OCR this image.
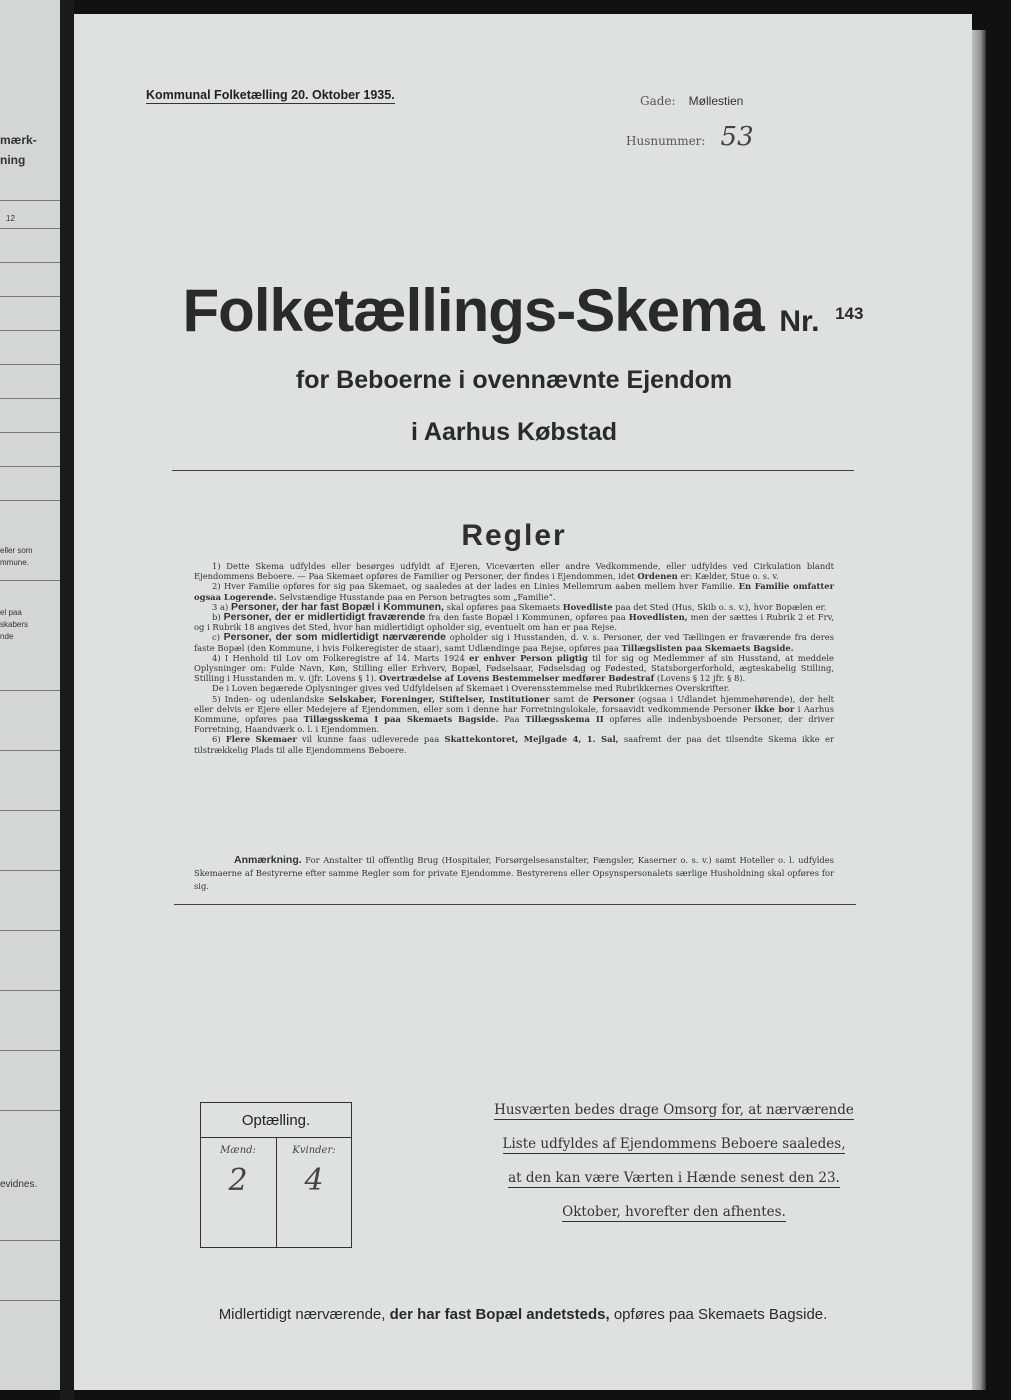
mærk-
ning
12
eller som
mmune.
el paa
skabers
nde
evidnes.
Kommunal Folketælling 20. Oktober 1935.	Gade: Møllestien
Husnummer: 53
Folketællings-Skema Nr. $^{143}$
for Beboerne i ovennævnte Ejendom
i Aarhus Købstad
Regler

1) Dette Skema udfyldes eller besørges udfyldt af Ejeren, Viceværten eller andre Vedkommende, eller udfyldes ved Cirkulation blandt Ejendommens Beboere. — Paa Skemaet opføres de Familier og Personer, der findes i Ejendommen, idet Ordenen er: Kælder, Stue o. s. v.

2) Hver Familie opføres for sig paa Skemaet, og saaledes at der lades en Linies Mellemrum aaben mellem hver Familie. En Familie omfatter ogsaa Logerende. Selvstændige Husstande paa en Person betragtes som „Familie“.

3 a) Personer, der har fast Bopæl i Kommunen, skal opføres paa Skemaets Hovedliste paa det Sted (Hus, Skib o. s. v.), hvor Bopælen er.

b) Personer, der er midlertidigt fraværende fra den faste Bopæl i Kommunen, opføres paa Hovedlisten, men der sættes i Rubrik 2 et Frv, og i Rubrik 18 angives det Sted, hvor han midlertidigt opholder sig, eventuelt om han er paa Rejse.

c) Personer, der som midlertidigt nærværende opholder sig i Husstanden, d. v. s. Personer, der ved Tællingen er fraværende fra deres faste Bopæl (den Kommune, i hvis Folkeregister de staar), samt Udlændinge paa Rejse, opføres paa Tillægslisten paa Skemaets Bagside.

4) I Henhold til Lov om Folkeregistre af 14. Marts 1924 er enhver Person pligtig til for sig og Medlemmer af sin Husstand, at meddele Oplysninger om: Fulde Navn, Køn, Stilling eller Erhverv, Bopæl, Fødselsaar, Fødselsdag og Fødested, Statsborgerforhold, ægteskabelig Stilling, Stilling i Husstanden m. v. (jfr. Lovens § 1). Overtrædelse af Lovens Bestemmelser medfører Bødestraf (Lovens § 12 jfr. § 8).

De i Loven begærede Oplysninger gives ved Udfyldelsen af Skemaet i Overensstemmelse med Rubrikkernes Overskrifter.

5) Inden- og udenlandske Selskaber, Foreninger, Stiftelser, Institutioner samt de Personer (ogsaa i Udlandet hjemmehørende), der helt eller delvis er Ejere eller Medejere af Ejendommen, eller som i denne har Forretningslokale, forsaavidt vedkommende Personer ikke bor i Aarhus Kommune, opføres paa Tillægsskema I paa Skemaets Bagside. Paa Tillægsskema II opføres alle indenbysboende Personer, der driver Forretning, Haandværk o. l. i Ejendommen.

6) Flere Skemaer vil kunne faas udleverede paa Skattekontoret, Mejlgade 4, 1. Sal, saafremt der paa det tilsendte Skema ikke er tilstrækkelig Plads til alle Ejendommens Beboere.

Anmærkning. For Anstalter til offentlig Brug (Hospitaler, Forsørgelsesanstalter, Fængsler, Kaserner o. s. v.) samt Hoteller o. l. udfyldes Skemaerne af Bestyrerne efter samme Regler som for private Ejendomme. Bestyrerens eller Opsynspersonalets særlige Husholdning skal opføres for sig.
Optælling.
Mænd:
2
Kvinder:
4
Husværten bedes drage Omsorg for, at nærværende
Liste udfyldes af Ejendommens Beboere saaledes,
at den kan være Værten i Hænde senest den 23.
Oktober, hvorefter den afhentes.
Midlertidigt nærværende, der har fast Bopæl andetsteds, opføres paa Skemaets Bagside.
